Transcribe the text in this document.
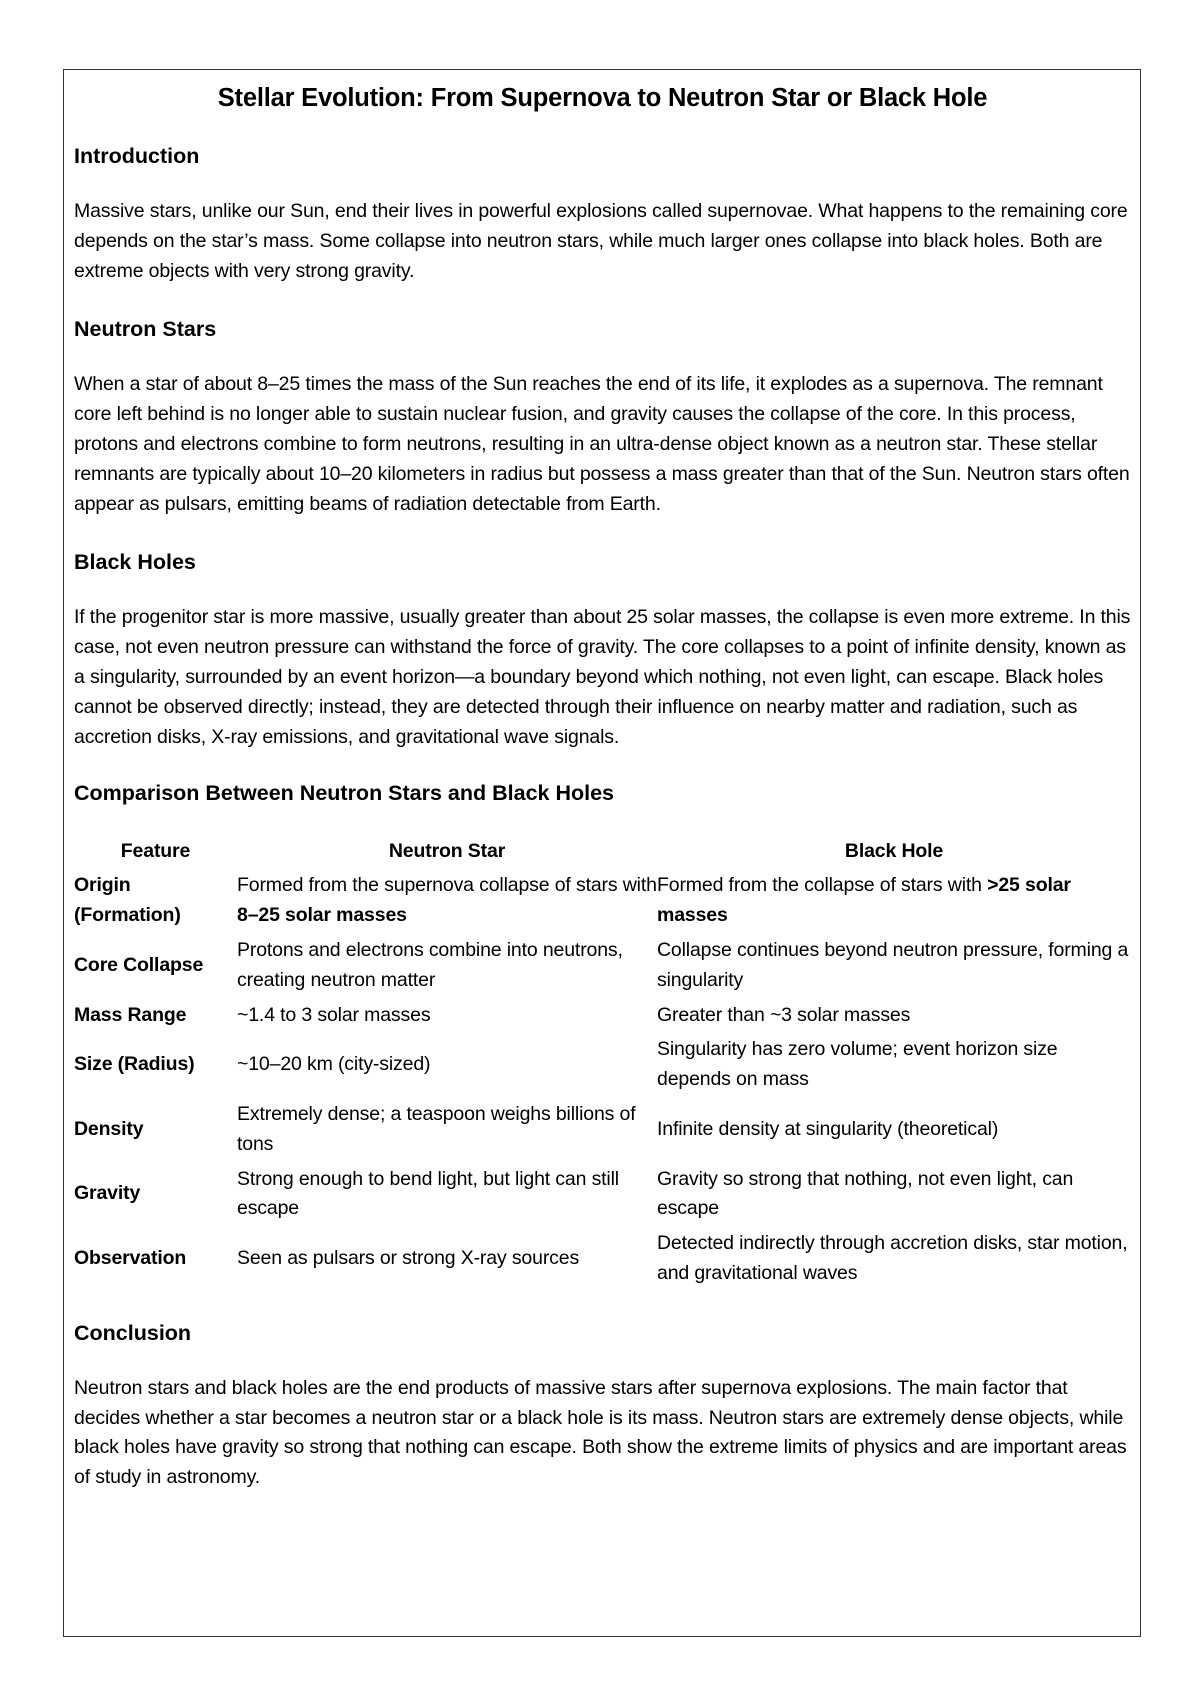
Stellar Evolution: From Supernova to Neutron Star or Black Hole
Introduction

Massive stars, unlike our Sun, end their lives in powerful explosions called supernovae. What happens to the remaining core depends on the star’s mass. Some collapse into neutron stars, while much larger ones collapse into black holes. Both are extreme objects with very strong gravity.

Neutron Stars

When a star of about 8–25 times the mass of the Sun reaches the end of its life, it explodes as a supernova. The remnant core left behind is no longer able to sustain nuclear fusion, and gravity causes the collapse of the core. In this process, protons and electrons combine to form neutrons, resulting in an ultra-dense object known as a neutron star. These stellar remnants are typically about 10–20 kilometers in radius but possess a mass greater than that of the Sun. Neutron stars often appear as pulsars, emitting beams of radiation detectable from Earth.

Black Holes

If the progenitor star is more massive, usually greater than about 25 solar masses, the collapse is even more extreme. In this case, not even neutron pressure can withstand the force of gravity. The core collapses to a point of infinite density, known as a singularity, surrounded by an event horizon—a boundary beyond which nothing, not even light, can escape. Black holes cannot be observed directly; instead, they are detected through their influence on nearby matter and radiation, such as accretion disks, X-ray emissions, and gravitational wave signals.

Comparison Between Neutron Stars and Black Holes
Feature	Neutron Star	Black Hole
Origin (Formation)	Formed from the supernova collapse of stars with 8–25 solar masses	Formed from the collapse of stars with >25 solar masses
Core Collapse	Protons and electrons combine into neutrons, creating neutron matter	Collapse continues beyond neutron pressure, forming a singularity
Mass Range	~1.4 to 3 solar masses	Greater than ~3 solar masses
Size (Radius)	~10–20 km (city-sized)	Singularity has zero volume; event horizon size depends on mass
Density	Extremely dense; a teaspoon weighs billions of tons	Infinite density at singularity (theoretical)
Gravity	Strong enough to bend light, but light can still escape	Gravity so strong that nothing, not even light, can escape
Observation	Seen as pulsars or strong X-ray sources	Detected indirectly through accretion disks, star motion, and gravitational waves
Conclusion

Neutron stars and black holes are the end products of massive stars after supernova explosions. The main factor that decides whether a star becomes a neutron star or a black hole is its mass. Neutron stars are extremely dense objects, while black holes have gravity so strong that nothing can escape. Both show the extreme limits of physics and are important areas of study in astronomy.
